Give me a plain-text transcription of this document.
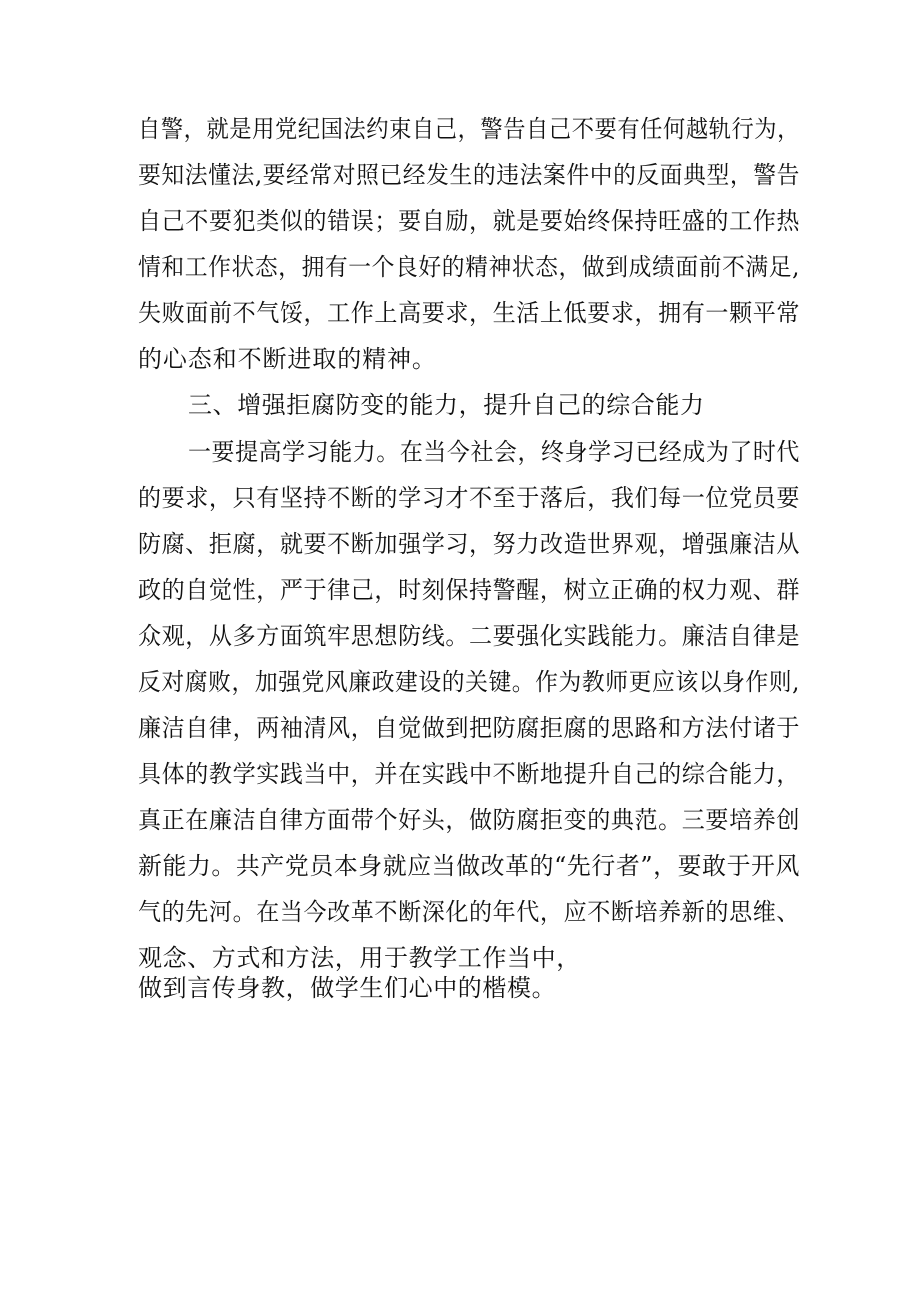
自警，就是用党纪国法约束自己，警告自己不要有任何越轨行为，
要知法懂法,要经常对照已经发生的违法案件中的反面典型，警告
自己不要犯类似的错误；要自励，就是要始终保持旺盛的工作热
情和工作状态，拥有一个良好的精神状态，做到成绩面前不满足,
失败面前不气馁，工作上高要求，生活上低要求，拥有一颗平常
的心态和不断进取的精神。
三、增强拒腐防变的能力，提升自己的综合能力
一要提高学习能力。在当今社会，终身学习已经成为了时代
的要求，只有坚持不断的学习才不至于落后，我们每一位党员要
防腐、拒腐，就要不断加强学习，努力改造世界观，增强廉洁从
政的自觉性，严于律己，时刻保持警醒，树立正确的权力观、群
众观，从多方面筑牢思想防线。二要强化实践能力。廉洁自律是
反对腐败，加强党风廉政建设的关键。作为教师更应该以身作则,
廉洁自律，两袖清风，自觉做到把防腐拒腐的思路和方法付诸于
具体的教学实践当中，并在实践中不断地提升自己的综合能力，
真正在廉洁自律方面带个好头，做防腐拒变的典范。三要培养创
新能力。共产党员本身就应当做改革的“先行者”，要敢于开风
气的先河。在当今改革不断深化的年代，应不断培养新的思维、
观念、方式和方法，用于教学工作当中，
做到言传身教，做学生们心中的楷模。
